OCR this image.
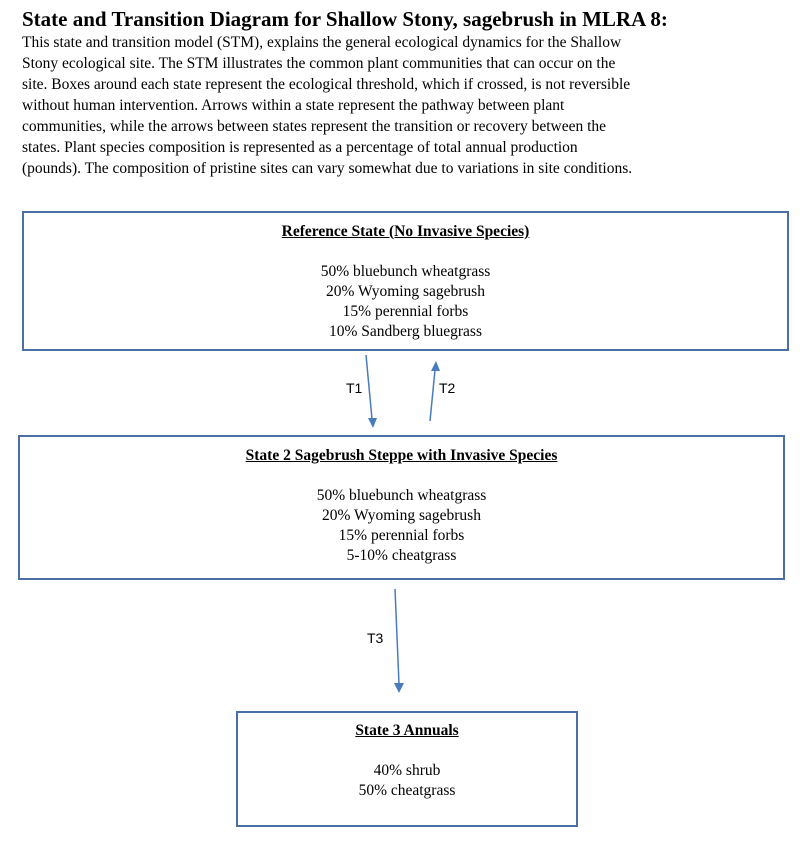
State and Transition Diagram for Shallow Stony, sagebrush in MLRA 8:
This state and transition model (STM), explains the general ecological dynamics for the Shallow
Stony ecological site. The STM illustrates the common plant communities that can occur on the
site. Boxes around each state represent the ecological threshold, which if crossed, is not reversible
without human intervention. Arrows within a state represent the pathway between plant
communities, while the arrows between states represent the transition or recovery between the
states. Plant species composition is represented as a percentage of total annual production
(pounds). The composition of pristine sites can vary somewhat due to variations in site conditions.
Reference State (No Invasive Species)
50% bluebunch wheatgrass
20% Wyoming sagebrush
15% perennial forbs
10% Sandberg bluegrass
State 2 Sagebrush Steppe with Invasive Species
50% bluebunch wheatgrass
20% Wyoming sagebrush
15% perennial forbs
5-10% cheatgrass
State 3 Annuals
40% shrub
50% cheatgrass
T1	T2
T3
